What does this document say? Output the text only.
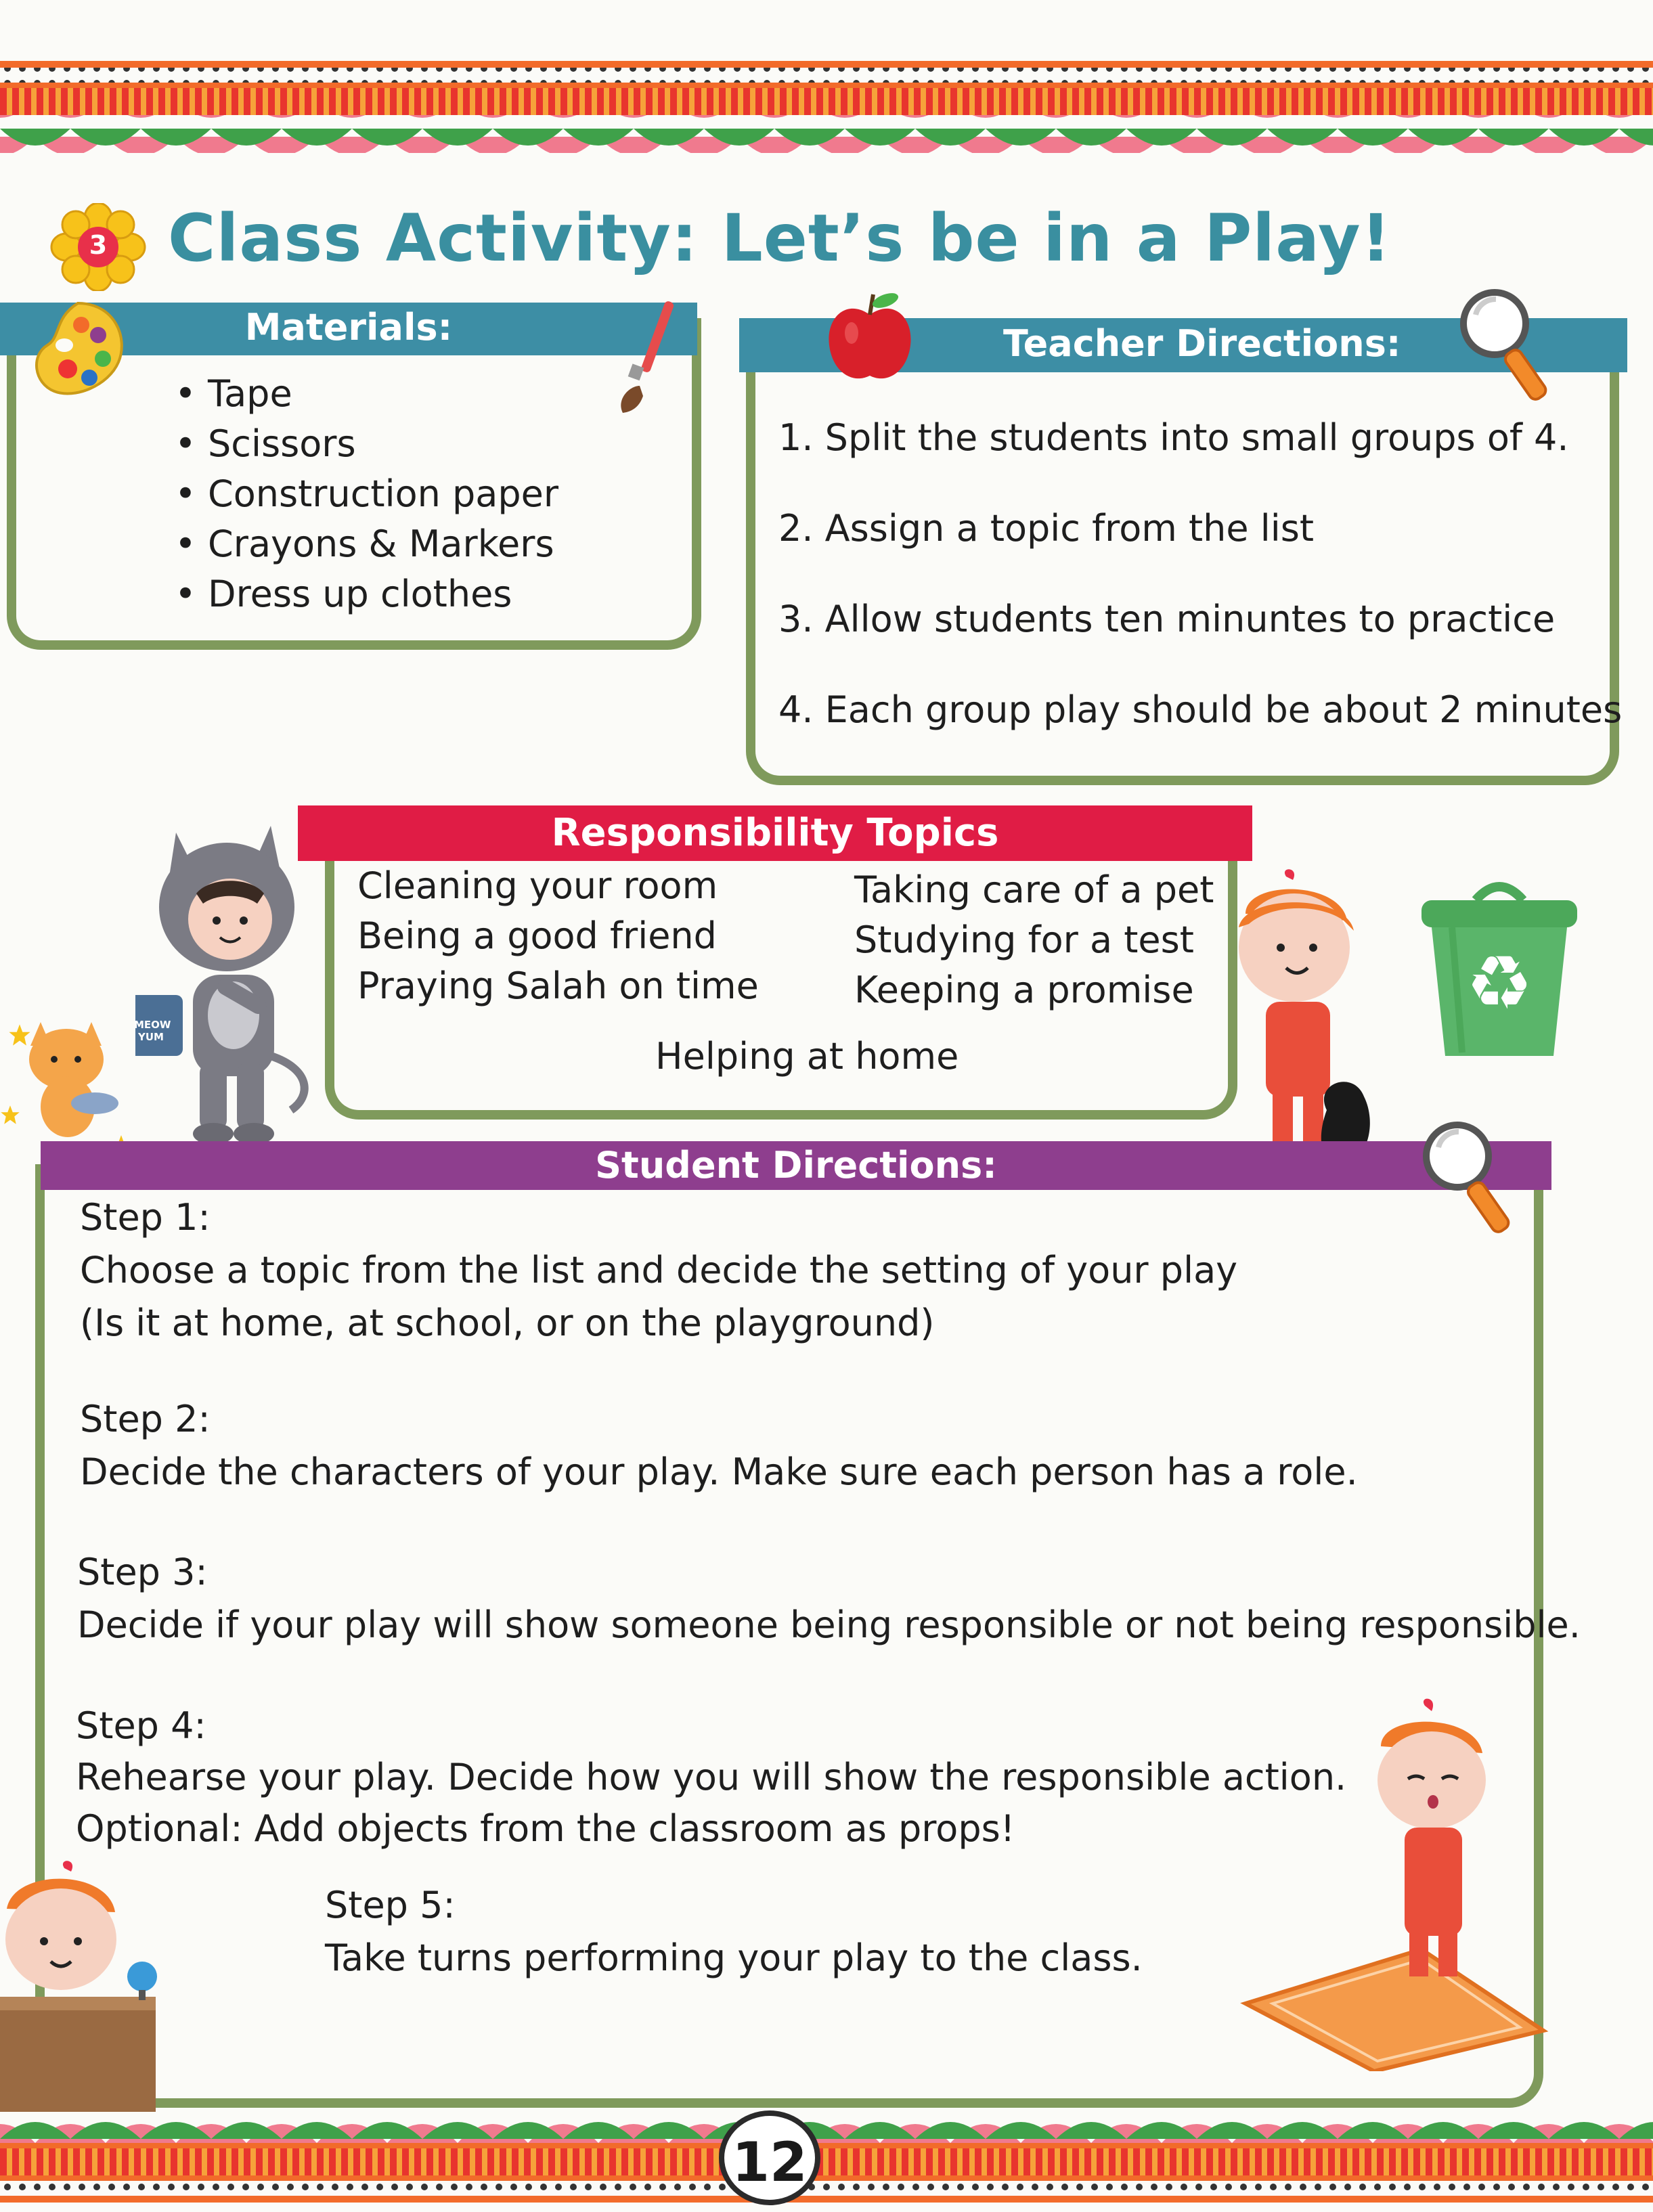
3 Class Activity: Let’s be in a Play!
Materials:
• Tape
• Scissors
• Construction paper
• Crayons & Markers
• Dress up clothes
Teacher Directions:
1. Split the students into small groups of 4.
2. Assign a topic from the list
3. Allow students ten minuntes to practice
4. Each group play should be about 2 minutes
Responsibility Topics
Cleaning your room
Being a good friend
Praying Salah on time
Taking care of a pet
Studying for a test
Keeping a promise
Helping at home
MEOW YUM
♻
Student Directions:
Step 1:
Choose a topic from the list and decide the setting of your play
(Is it at home, at school, or on the playground)
Step 2:
Decide the characters of your play. Make sure each person has a role.
Step 3:
Decide if your play will show someone being responsible or not being responsible.
Step 4:
Rehearse your play. Decide how you will show the responsible action.
Optional: Add objects from the classroom as props!
Step 5:
Take turns performing your play to the class.
12
